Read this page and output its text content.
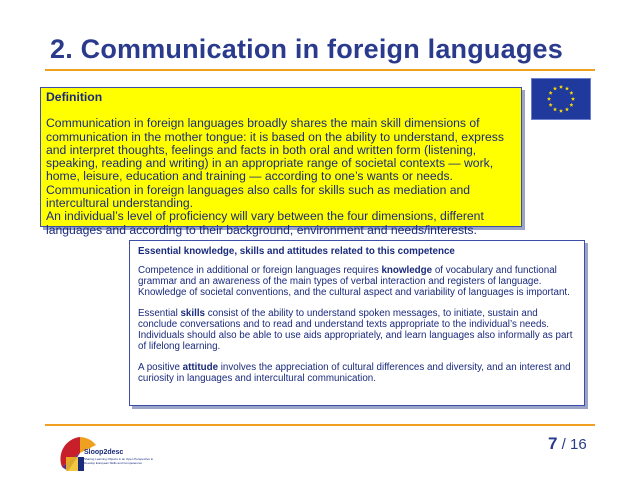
2. Communication in foreign languages
Definition
Communication in foreign languages broadly shares the main skill dimensions of communication in the mother tongue: it is based on the ability to understand, express and interpret thoughts, feelings and facts in both oral and written form (listening, speaking, reading and writing) in an appropriate range of societal contexts — work, home, leisure, education and training — according to one’s wants or needs. Communication in foreign languages also calls for skills such as mediation and intercultural understanding.
An individual’s level of proficiency will vary between the four dimensions, different languages and according to their background, environment and needs/interests.
Essential knowledge, skills and attitudes related to this competence

Competence in additional or foreign languages requires knowledge of vocabulary and functional grammar and an awareness of the main types of verbal interaction and registers of language. Knowledge of societal conventions, and the cultural aspect and variability of languages is important.

Essential skills consist of the ability to understand spoken messages, to initiate, sustain and conclude conversations and to read and understand texts appropriate to the individual’s needs.

Individuals should also be able to use aids appropriately, and learn languages also informally as part of lifelong learning.

A positive attitude involves the appreciation of cultural differences and diversity, and an interest and curiosity in languages and intercultural communication.

Sloop2desc
Sharing Learning Objects in an Open Perspective to Develop European Skills and Competences
7 / 16
